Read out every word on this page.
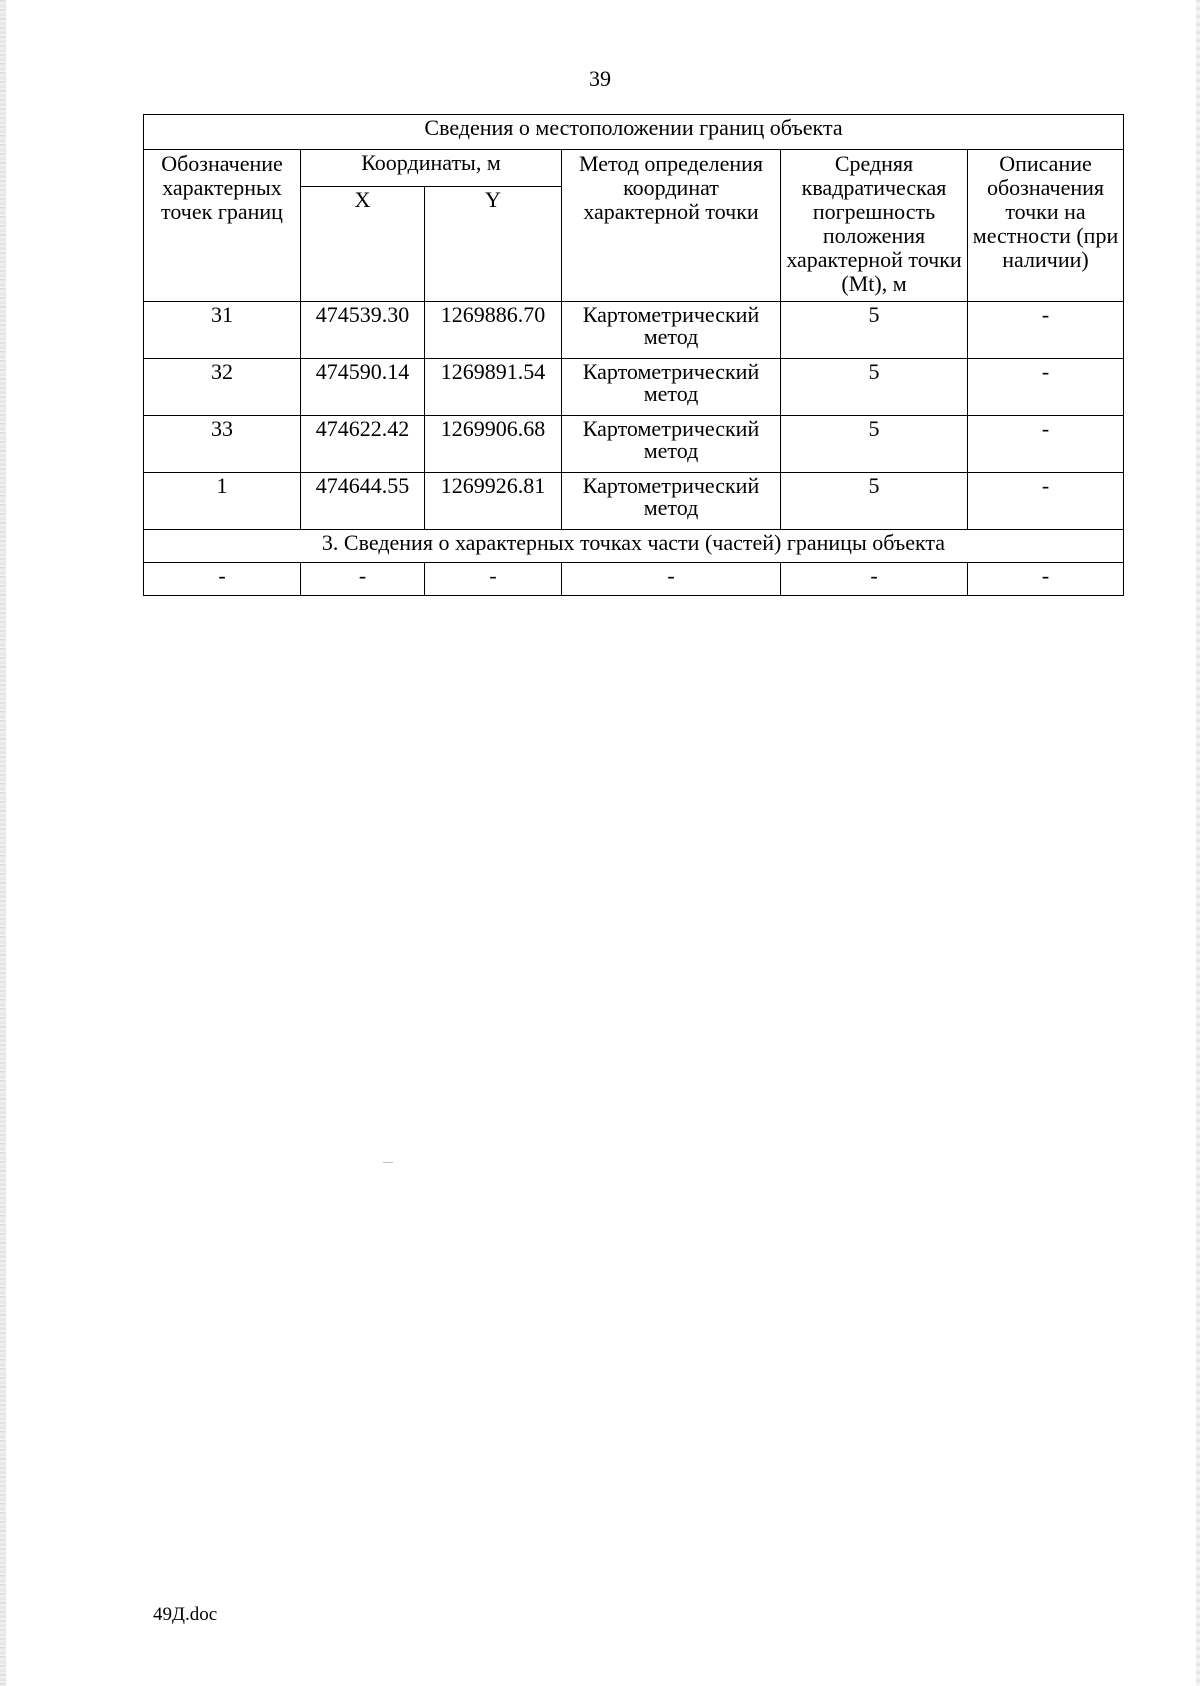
39
Сведения о местоположении границ объекта					
Обозначение характерных точек границ	Координаты, м		Метод определения координат характерной точки	Средняя квадратическая погрешность положения характерной точки (Mt), м	Описание обозначения точки на местности (при наличии)
	X	Y			
31	474539.30	1269886.70	Картометрический метод	5	-
32	474590.14	1269891.54	Картометрический метод	5	-
33	474622.42	1269906.68	Картометрический метод	5	-
1	474644.55	1269926.81	Картометрический метод	5	-
3. Сведения о характерных точках части (частей) границы объекта					
-	-	-	-	-	-
49Д.doc
